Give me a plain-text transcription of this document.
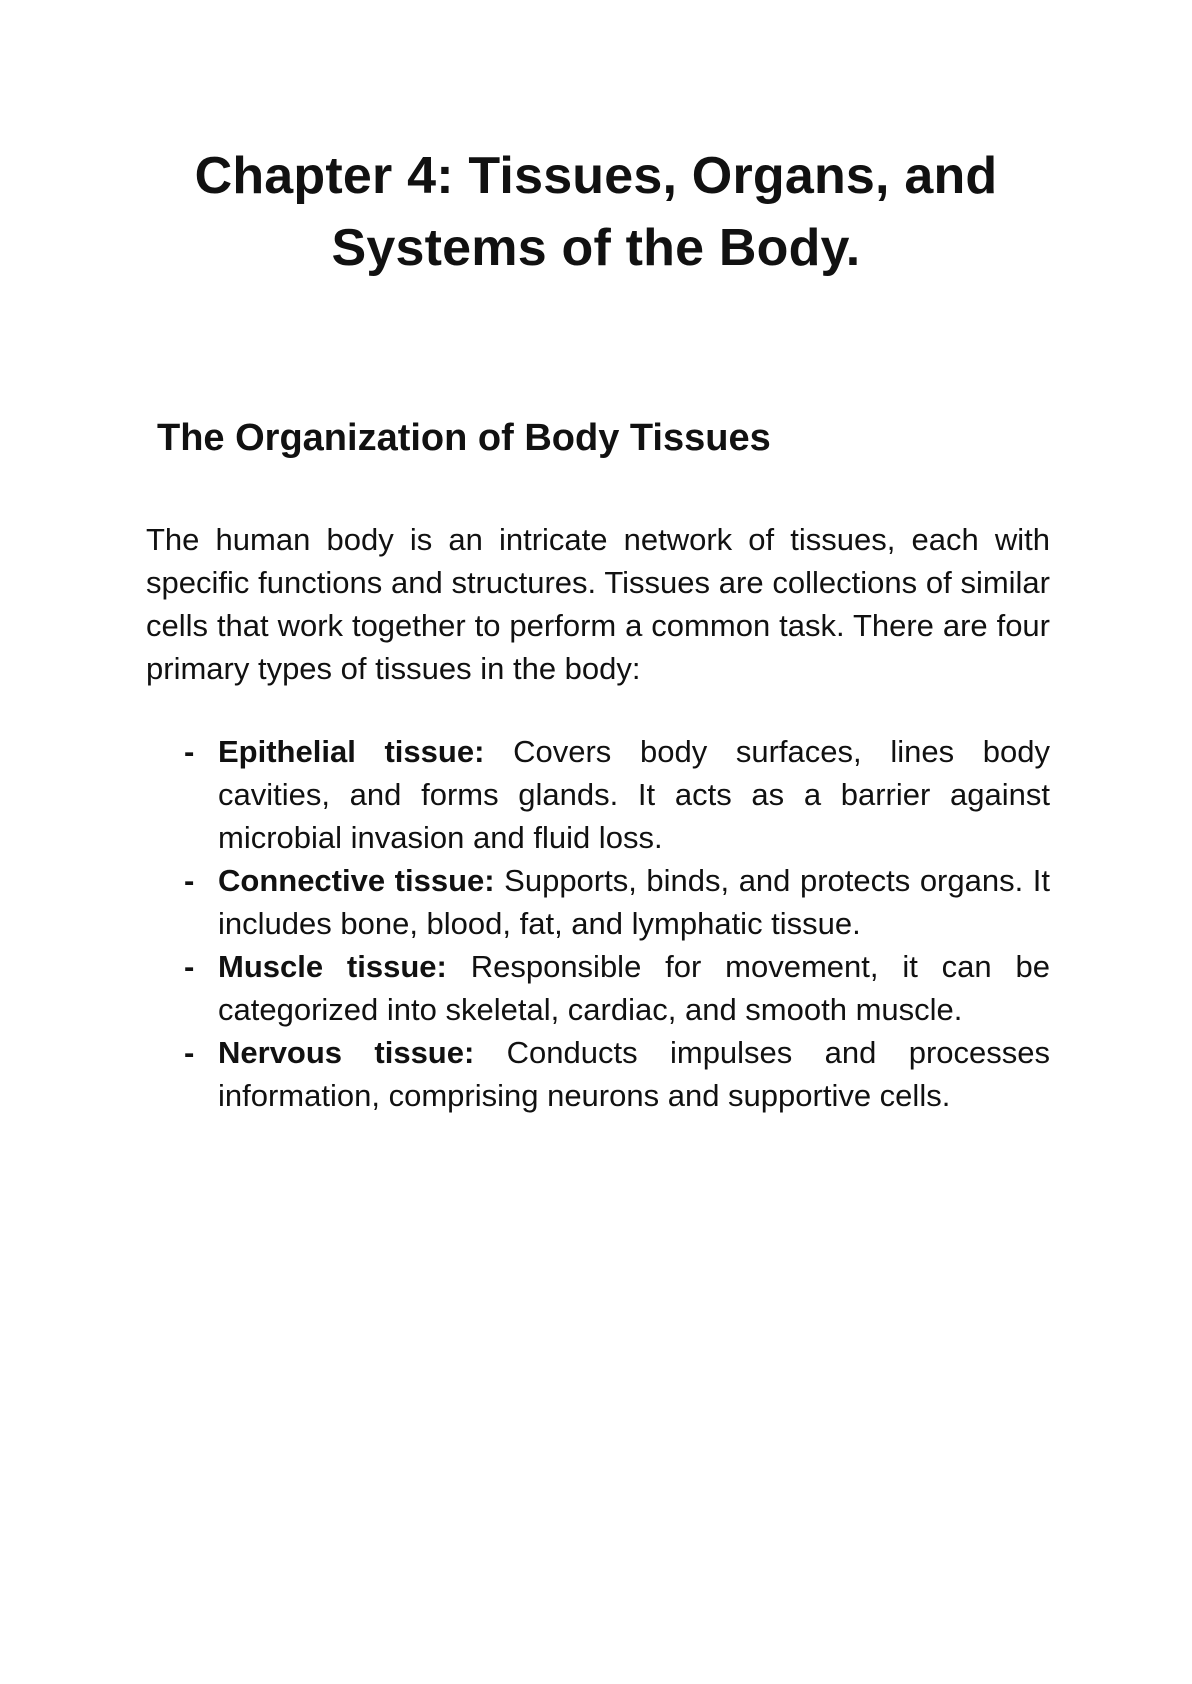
Chapter 4: Tissues, Organs, and Systems of the Body.
The Organization of Body Tissues

The human body is an intricate network of tissues, each with specific functions and structures. Tissues are collections of similar cells that work together to perform a common task. There are four primary types of tissues in the body:

- Epithelial tissue: Covers body surfaces, lines body cavities, and forms glands. It acts as a barrier against microbial invasion and fluid loss.
- Connective tissue: Supports, binds, and protects organs. It includes bone, blood, fat, and lymphatic tissue.
- Muscle tissue: Responsible for movement, it can be categorized into skeletal, cardiac, and smooth muscle.
- Nervous tissue: Conducts impulses and processes information, comprising neurons and supportive cells.
